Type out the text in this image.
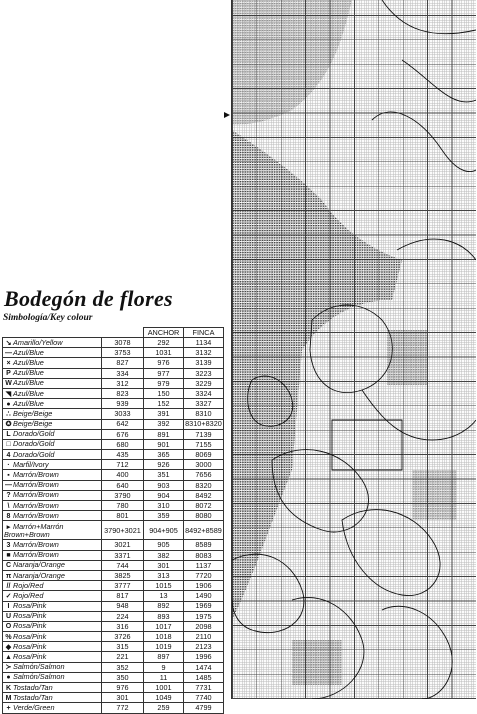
Bodegón de flores
Simbología/Key colour
		ANCHOR	FINCA
↘ Amarillo/Yellow	3078	292	1134
—Azul/Blue	3753	1031	3132
× Azul/Blue	827	976	3139
P Azul/Blue	334	977	3223
WAzul/Blue	312	979	3229
◥ Azul/Blue	823	150	3324
● Azul/Blue	939	152	3327
∴ Beige/Beige	3033	391	8310
✪ Beige/Beige	642	392	8310+8320
L Dorado/Gold	676	891	7139
□ Dorado/Gold	680	901	7155
4 Dorado/Gold	435	365	8069
· Marfil/Ivory	712	926	3000
▪ Marrón/Brown	400	351	7656
—Marrón/Brown	640	903	8320
? Marrón/Brown	3790	904	8492
\ Marrón/Brown	780	310	8072
8 Marrón/Brown	801	359	8080
▸ Marrón+Marrón Brown+Brown	3790+3021	904+905	8492+8589
3 Marrón/Brown	3021	905	8589
■ Marrón/Brown	3371	382	8083
C Naranja/Orange	744	301	1137
π Naranja/Orange	3825	313	7720
// Rojo/Red	3777	1015	1906
✓ Rojo/Red	817	13	1490
I Rosa/Pink	948	892	1969
U Rosa/Pink	224	893	1975
O Rosa/Pink	316	1017	2098
%Rosa/Pink	3726	1018	2110
◆ Rosa/Pink	315	1019	2123
▲Rosa/Pink	221	897	1996
≻ Salmón/Salmon	352	9	1474
● Salmón/Salmon	350	11	1485
K Tostado/Tan	976	1001	7731
M Tostado/Tan	301	1049	7740
+ Verde/Green	772	259	4799
